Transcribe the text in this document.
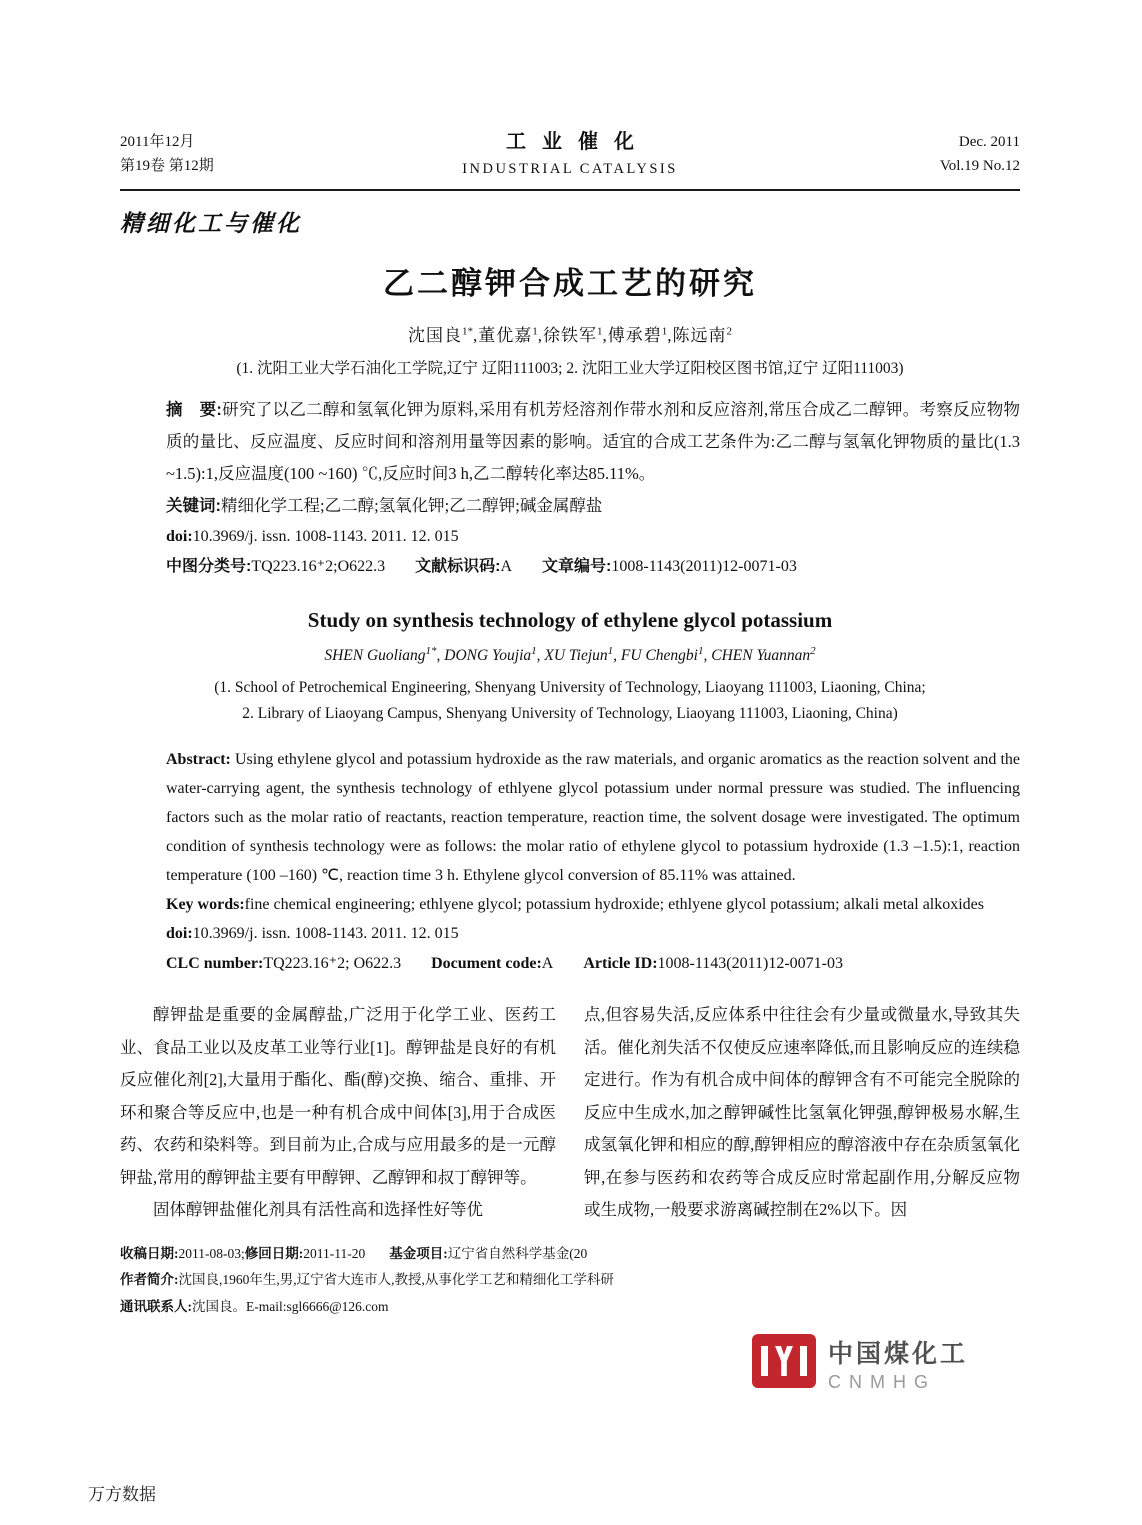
2011年12月
第19卷 第12期
工业催化
INDUSTRIAL CATALYSIS
Dec. 2011
Vol.19 No.12
精细化工与催化
乙二醇钾合成工艺的研究
沈国良$^{1*}$,董优嘉$^1$,徐铁军$^1$,傅承碧$^1$,陈远南$^2$
(1. 沈阳工业大学石油化工学院,辽宁 辽阳111003; 2. 沈阳工业大学辽阳校区图书馆,辽宁 辽阳111003)

摘　要:研究了以乙二醇和氢氧化钾为原料,采用有机芳烃溶剂作带水剂和反应溶剂,常压合成乙二醇钾。考察反应物物质的量比、反应温度、反应时间和溶剂用量等因素的影响。适宜的合成工艺条件为:乙二醇与氢氧化钾物质的量比(1.3 ~1.5):1,反应温度(100 ~160) ℃,反应时间3 h,乙二醇转化率达85.11%。

关键词:精细化学工程;乙二醇;氢氧化钾;乙二醇钾;碱金属醇盐

doi:10.3969/j. issn. 1008-1143. 2011. 12. 015

中图分类号:TQ223.16⁺2;O622.3 文献标识码:A 文章编号:1008-1143(2011)12-0071-03

Study on synthesis technology of ethylene glycol potassium
SHEN Guoliang$^{1*}$, DONG Youjia$^1$, XU Tiejun$^1$, FU Chengbi$^1$, CHEN Yuannan$^2$
(1. School of Petrochemical Engineering, Shenyang University of Technology, Liaoyang 111003, Liaoning, China;
2. Library of Liaoyang Campus, Shenyang University of Technology, Liaoyang 111003, Liaoning, China)

Abstract: Using ethylene glycol and potassium hydroxide as the raw materials, and organic aromatics as the reaction solvent and the water-carrying agent, the synthesis technology of ethlyene glycol potassium under normal pressure was studied. The influencing factors such as the molar ratio of reactants, reaction temperature, reaction time, the solvent dosage were investigated. The optimum condition of synthesis technology were as follows: the molar ratio of ethylene glycol to potassium hydroxide (1.3 –1.5):1, reaction temperature (100 –160) ℃, reaction time 3 h. Ethylene glycol conversion of 85.11% was attained.

Key words:fine chemical engineering; ethlyene glycol; potassium hydroxide; ethlyene glycol potassium; alkali metal alkoxides

doi:10.3969/j. issn. 1008-1143. 2011. 12. 015

CLC number:TQ223.16⁺2; O622.3 Document code:A Article ID:1008-1143(2011)12-0071-03

醇钾盐是重要的金属醇盐,广泛用于化学工业、医药工业、食品工业以及皮革工业等行业[1]。醇钾盐是良好的有机反应催化剂[2],大量用于酯化、酯(醇)交换、缩合、重排、开环和聚合等反应中,也是一种有机合成中间体[3],用于合成医药、农药和染料等。到目前为止,合成与应用最多的是一元醇钾盐,常用的醇钾盐主要有甲醇钾、乙醇钾和叔丁醇钾等。

固体醇钾盐催化剂具有活性高和选择性好等优

点,但容易失活,反应体系中往往会有少量或微量水,导致其失活。催化剂失活不仅使反应速率降低,而且影响反应的连续稳定进行。作为有机合成中间体的醇钾含有不可能完全脱除的反应中生成水,加之醇钾碱性比氢氧化钾强,醇钾极易水解,生成氢氧化钾和相应的醇,醇钾相应的醇溶液中存在杂质氢氧化钾,在参与医药和农药等合成反应时常起副作用,分解反应物或生成物,一般要求游离碱控制在2%以下。因

收稿日期:2011-08-03;修回日期:2011-11-20 基金项目:辽宁省自然科学基金(20
作者简介:沈国良,1960年生,男,辽宁省大连市人,教授,从事化学工艺和精细化工学科研
通讯联系人:沈国良。E-mail:sgl6666@126.com
中国煤化工
CNMHG
万方数据
